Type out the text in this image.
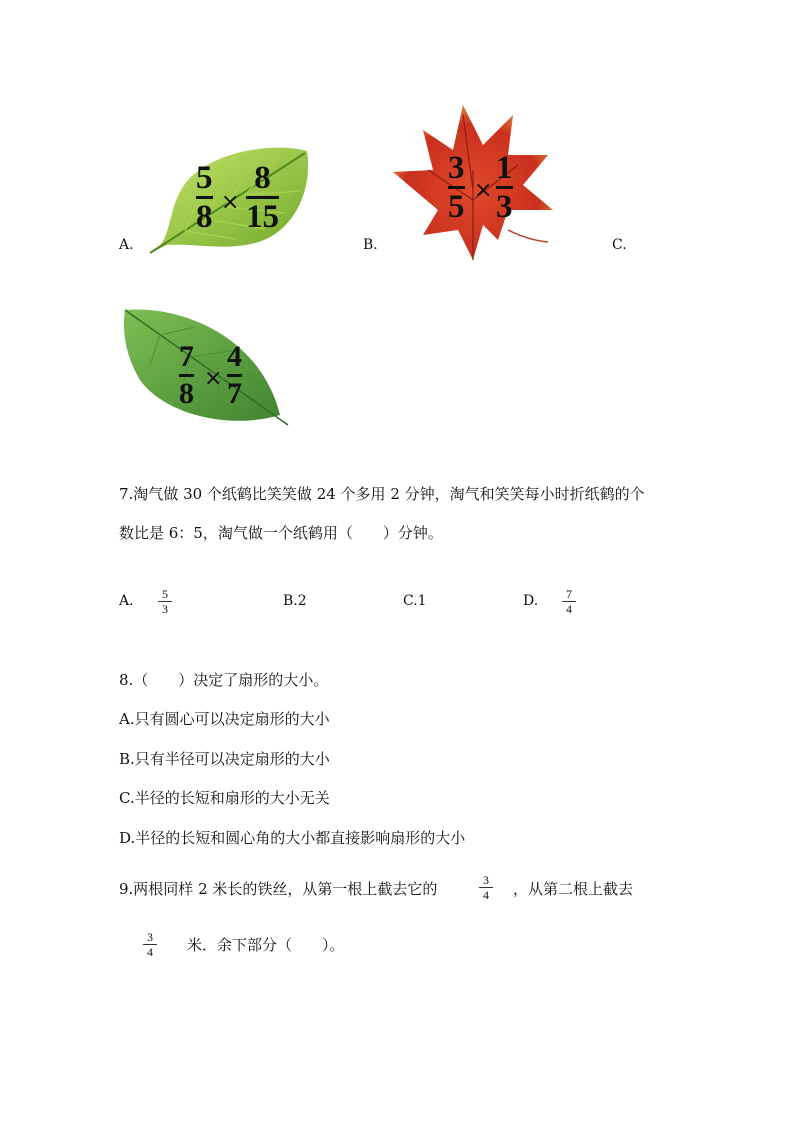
A.
5
8 ×
8
15
B.
3
5 ×
1
3
C.
7
8 ×
4
7
7.淘气做 30 个纸鹤比笑笑做 24 个多用 2 分钟，淘气和笑笑每小时折纸鹤的个
数比是 6：5，淘气做一个纸鹤用（　　）分钟。
A. 5
3	B.2	C.1	D. 7
4
8.（　　）决定了扇形的大小。
A.只有圆心可以决定扇形的大小
B.只有半径可以决定扇形的大小
C.半径的长短和扇形的大小无关
D.半径的长短和圆心角的大小都直接影响扇形的大小
9.两根同样 2 米长的铁丝，从第一根上截去它的	3
4 ，从第二根上截去
3
4 米．余下部分（　　）。
